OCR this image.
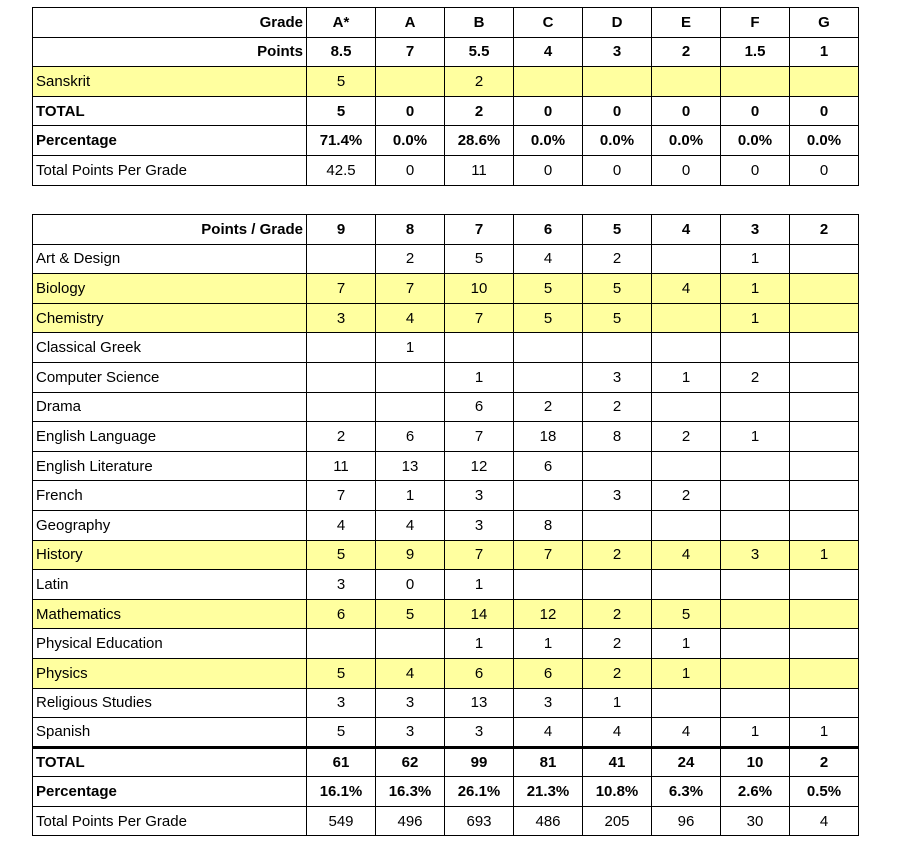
Grade	A*	A	B	C	D	E	F	G
Points	8.5	7	5.5	4	3	2	1.5	1
Sanskrit	5		2					
TOTAL	5	0	2	0	0	0	0	0
Percentage	71.4%	0.0%	28.6%	0.0%	0.0%	0.0%	0.0%	0.0%
Total Points Per Grade	42.5	0	11	0	0	0	0	0
Points / Grade	9	8	7	6	5	4	3	2
Art & Design		2	5	4	2		1	
Biology	7	7	10	5	5	4	1	
Chemistry	3	4	7	5	5		1	
Classical Greek		1						
Computer Science			1		3	1	2	
Drama			6	2	2			
English Language	2	6	7	18	8	2	1	
English Literature	11	13	12	6				
French	7	1	3		3	2		
Geography	4	4	3	8				
History	5	9	7	7	2	4	3	1
Latin	3	0	1					
Mathematics	6	5	14	12	2	5		
Physical Education			1	1	2	1		
Physics	5	4	6	6	2	1		
Religious Studies	3	3	13	3	1			
Spanish	5	3	3	4	4	4	1	1
TOTAL	61	62	99	81	41	24	10	2
Percentage	16.1%	16.3%	26.1%	21.3%	10.8%	6.3%	2.6%	0.5%
Total Points Per Grade	549	496	693	486	205	96	30	4
